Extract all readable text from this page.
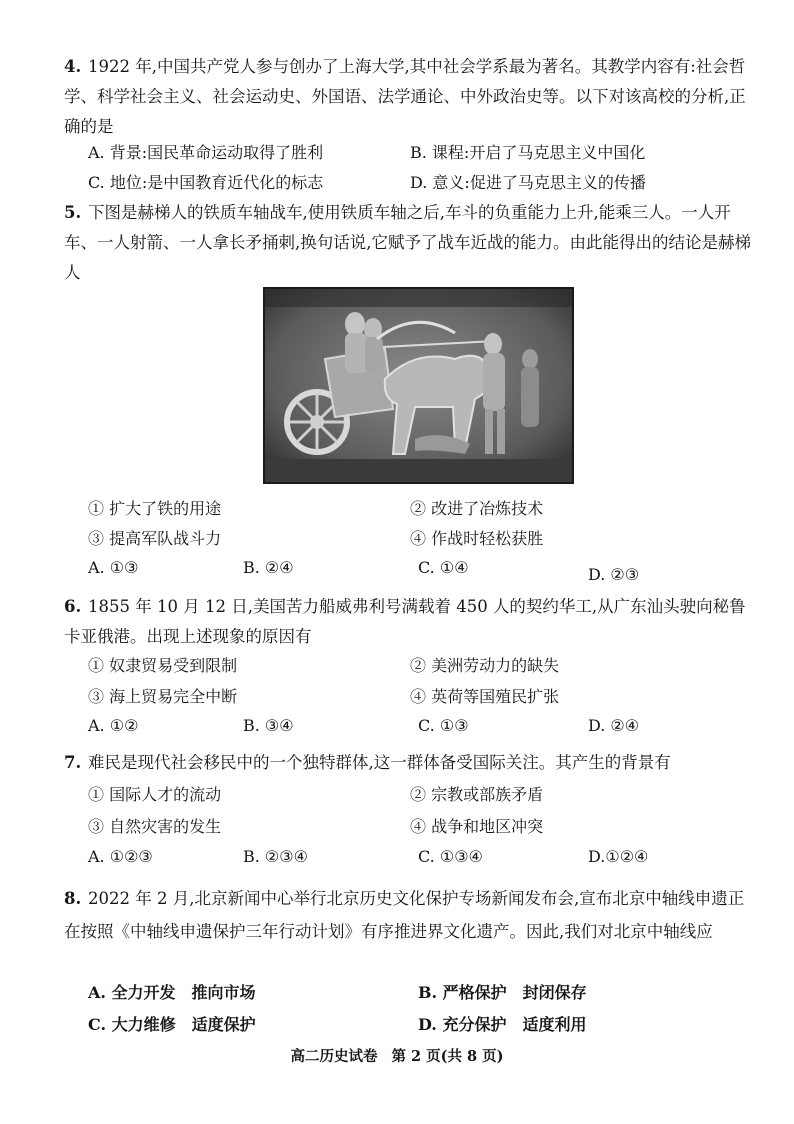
4. 1922 年,中国共产党人参与创办了上海大学,其中社会学系最为著名。其教学内容有:社会哲学、科学社会主义、社会运动史、外国语、法学通论、中外政治史等。以下对该高校的分析,正确的是
A. 背景:国民革命运动取得了胜利	B. 课程:开启了马克思主义中国化
C. 地位:是中国教育近代化的标志	D. 意义:促进了马克思主义的传播
5. 下图是赫梯人的铁质车轴战车,使用铁质车轴之后,车斗的负重能力上升,能乘三人。一人开车、一人射箭、一人拿长矛捅刺,换句话说,它赋予了战车近战的能力。由此能得出的结论是赫梯人
① 扩大了铁的用途	② 改进了冶炼技术
③ 提高军队战斗力	④ 作战时轻松获胜
A. ①③	B. ②④	C. ①④	D. ②③
6. 1855 年 10 月 12 日,美国苦力船威弗利号满载着 450 人的契约华工,从广东汕头驶向秘鲁卡亚俄港。出现上述现象的原因有
① 奴隶贸易受到限制	② 美洲劳动力的缺失
③ 海上贸易完全中断	④ 英荷等国殖民扩张
A. ①②	B. ③④	C. ①③	D. ②④
7. 难民是现代社会移民中的一个独特群体,这一群体备受国际关注。其产生的背景有
① 国际人才的流动	② 宗教或部族矛盾
③ 自然灾害的发生	④ 战争和地区冲突
A. ①②③	B. ②③④	C. ①③④	D.①②④
8. 2022 年 2 月,北京新闻中心举行北京历史文化保护专场新闻发布会,宣布北京中轴线申遗正在按照《中轴线申遗保护三年行动计划》有序推进界文化遗产。因此,我们对北京中轴线应
A. 全力开发　推向市场	B. 严格保护　封闭保存
C. 大力维修　适度保护	D. 充分保护　适度利用
高二历史试卷 第 2 页(共 8 页)
